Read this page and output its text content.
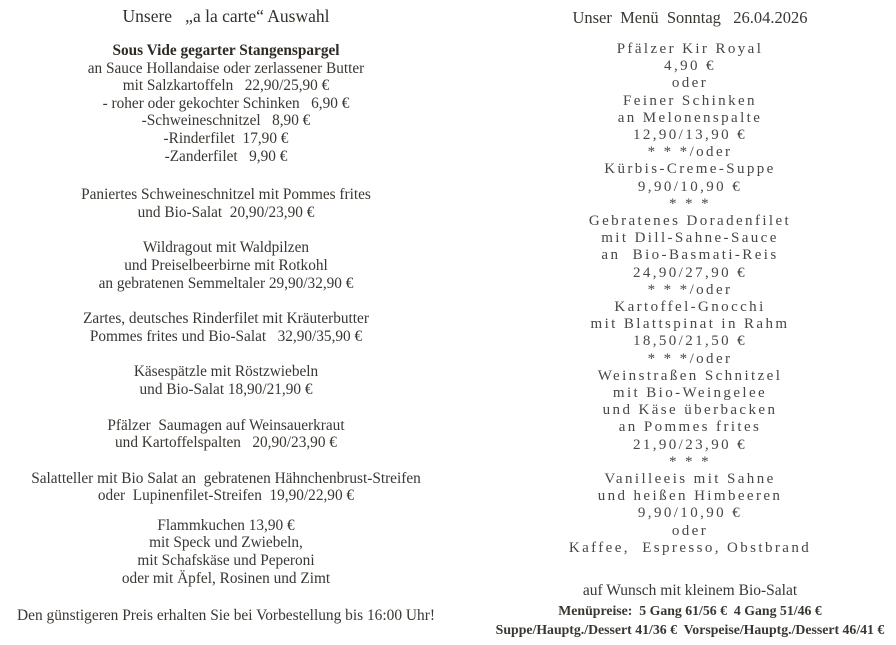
Unsere   „a la carte“ Auswahl
Sous Vide gegarter Stangenspargel
an Sauce Hollandaise oder zerlassener Butter
mit Salzkartoffeln   22,90/25,90 €
- roher oder gekochter Schinken   6,90 €
-Schweineschnitzel   8,90 €
-Rinderfilet  17,90 €
-Zanderfilet   9,90 €
Paniertes Schweineschnitzel mit Pommes frites
und Bio-Salat  20,90/23,90 €
Wildragout mit Waldpilzen
und Preiselbeerbirne mit Rotkohl
an gebratenen Semmeltaler 29,90/32,90 €
Zartes, deutsches Rinderfilet mit Kräuterbutter
Pommes frites und Bio-Salat   32,90/35,90 €
Käsespätzle mit Röstzwiebeln
und Bio-Salat 18,90/21,90 €
Pfälzer  Saumagen auf Weinsauerkraut
und Kartoffelspalten   20,90/23,90 €
Salatteller mit Bio Salat an  gebratenen Hähnchenbrust-Streifen
oder  Lupinenfilet-Streifen  19,90/22,90 €
Flammkuchen 13,90 €
mit Speck und Zwiebeln,
mit Schafskäse und Peperoni
oder mit Äpfel, Rosinen und Zimt
Den günstigeren Preis erhalten Sie bei Vorbestellung bis 16:00 Uhr!
Unser  Menü  Sonntag   26.04.2026
Pfälzer Kir Royal
4,90 €
oder
Feiner Schinken
an Melonenspalte
12,90/13,90 €
* * */oder
Kürbis-Creme-Suppe
9,90/10,90 €
* * *
Gebratenes Doradenfilet
mit Dill-Sahne-Sauce
an  Bio-Basmati-Reis
24,90/27,90 €
* * */oder
Kartoffel-Gnocchi
mit Blattspinat in Rahm
18,50/21,50 €
* * */oder
Weinstraßen Schnitzel
mit Bio-Weingelee
und Käse überbacken
an Pommes frites
21,90/23,90 €
* * *
Vanilleeis mit Sahne
und heißen Himbeeren
9,90/10,90 €
oder
Kaffee,  Espresso, Obstbrand
auf Wunsch mit kleinem Bio-Salat
Menüpreise:  5 Gang 61/56 €  4 Gang 51/46 €
Suppe/Hauptg./Dessert 41/36 €  Vorspeise/Hauptg./Dessert 46/41 €
